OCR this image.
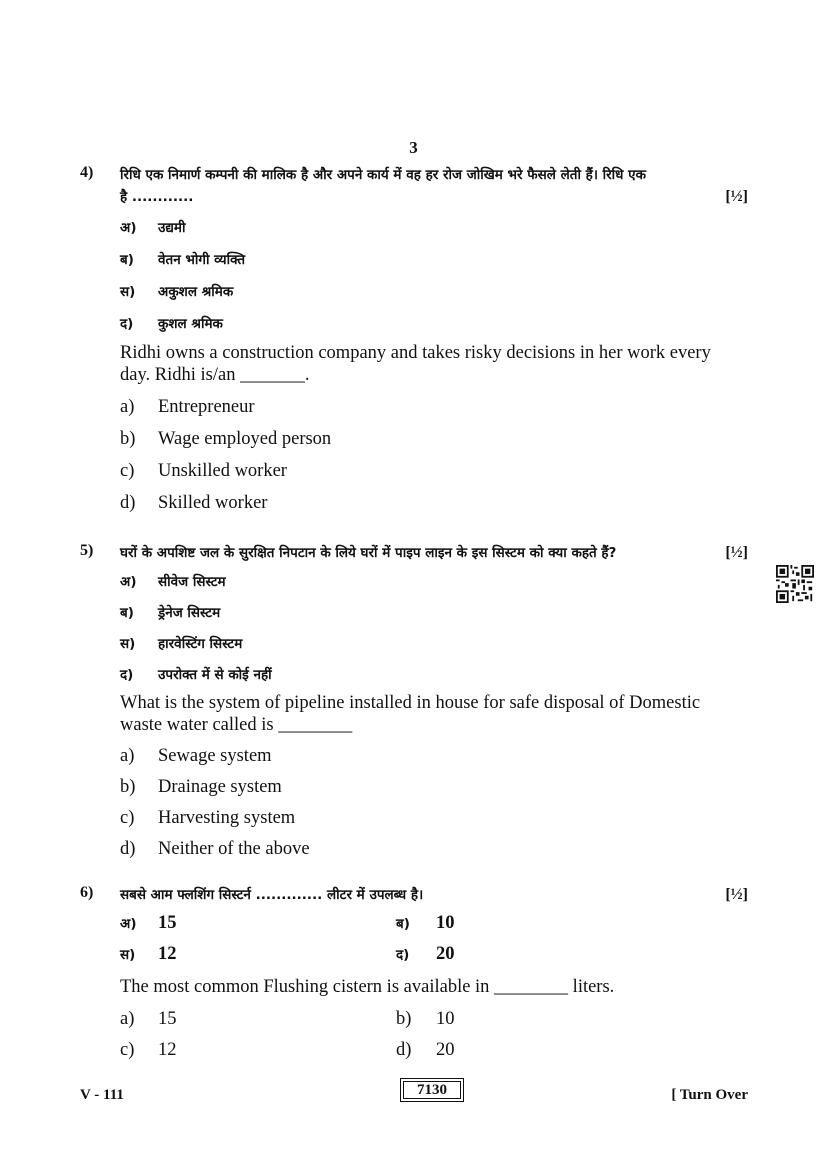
3
4) रिधि एक निमार्ण कम्पनी की मालिक है और अपने कार्य में वह हर रोज जोखिम भरे फैसले लेती हैं। रिधि एक
है ............	[½]
अ)	उद्यमी
ब)	वेतन भोगी व्यक्ति
स)	अकुशल श्रमिक
द)	कुशल श्रमिक
Ridhi owns a construction company and takes risky decisions in her work every
day. Ridhi is/an _______.
a)	Entrepreneur
b)	Wage employed person
c)	Unskilled worker
d)	Skilled worker
5) घरों के अपशिष्ट जल के सुरक्षित निपटान के लिये घरों में पाइप लाइन के इस सिस्टम को क्या कहते हैं?	[½]
अ)	सीवेज सिस्टम
ब)	ड्रेनेज सिस्टम
स)	हारवेस्टिंग सिस्टम
द)	उपरोक्त में से कोई नहीं
What is the system of pipeline installed in house for safe disposal of Domestic
waste water called is ________
a)	Sewage system
b)	Drainage system
c)	Harvesting system
d)	Neither of the above
6) सबसे आम फ्लशिंग सिस्टर्न ............. लीटर में उपलब्ध है।	[½]
अ)	15	ब)	10
स)	12	द)	20
The most common Flushing cistern is available in ________ liters.
a)	15	b)	10
c)	12	d)	20
V - 111	7130	[ Turn Over
